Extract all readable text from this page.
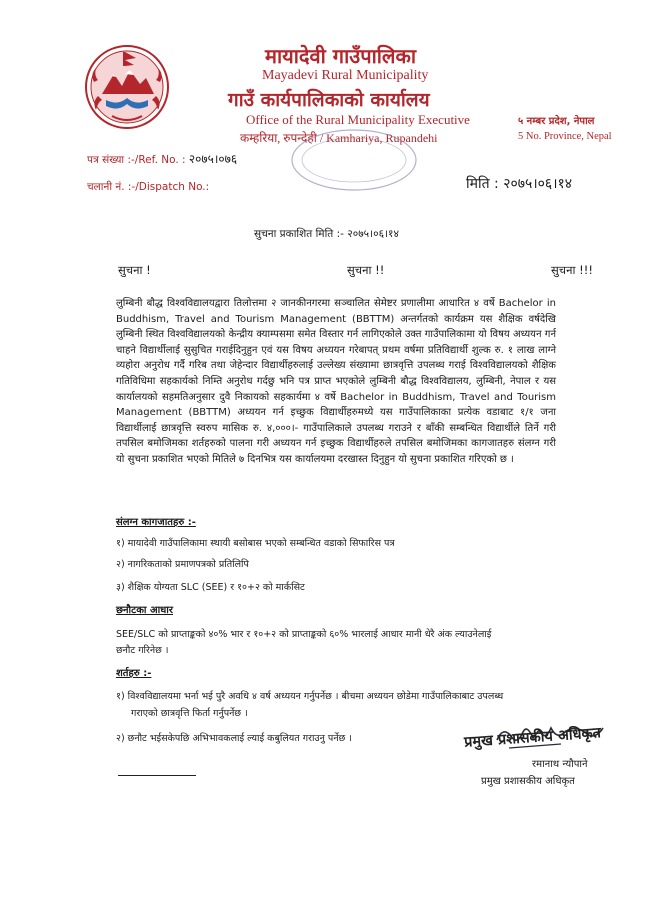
मायादेवी गाउँपालिका
Mayadevi Rural Municipality
गाउँ कार्यपालिकाको कार्यालय
Office of the Rural Municipality Executive
कम्हरिया, रुपन्देही / Kamhariya, Rupandehi
५ नम्बर प्रदेश, नेपाल
5 No. Province, Nepal
पत्र संख्या :-/Ref. No. : २०७५।०७६
चलानी नं. :-/Dispatch No.:	मिति : २०७५।०६।१४
सुचना प्रकाशित मिति :- २०७५।०६।१४
सुचना !	सुचना !!	सुचना !!!

लुम्बिनी बौद्ध विश्वविद्यालयद्वारा तिलोत्तमा २ जानकीनगरमा सञ्चालित सेमेष्टर प्रणालीमा आधारित ४ वर्षे Bachelor in Buddhism, Travel and Tourism Management (BBTTM) अन्तर्गतको कार्यक्रम यस शैक्षिक वर्षदेखि लुम्बिनी स्थित विश्वविद्यालयको केन्द्रीय क्याम्पसमा समेत विस्तार गर्न लागिएकोले उक्त गाउँपालिकामा यो विषय अध्ययन गर्न चाहने विद्यार्थीलाई सुसुचित गराईदिनुहुन एवं यस विषय अध्ययन गरेबापत् प्रथम वर्षमा प्रतिविद्यार्थी शुल्क रु. १ लाख लाग्ने व्यहोरा अनुरोध गर्दै गरिब तथा जेहेन्दार विद्यार्थीहरुलाई उल्लेख्य संख्यामा छात्रवृत्ति उपलब्ध गराई विश्वविद्यालयको शैक्षिक गतिविधिमा सहकार्यको निम्ति अनुरोध गर्दछु भनि पत्र प्राप्त भएकोले लुम्बिनी बौद्ध विश्वविद्यालय, लुम्बिनी, नेपाल र यस कार्यालयको सहमतिअनुसार दुवै निकायको सहकार्यमा ४ वर्षे Bachelor in Buddhism, Travel and Tourism Management (BBTTM) अध्ययन गर्न इच्छुक विद्यार्थीहरुमध्ये यस गाउँपालिकाका प्रत्येक वडाबाट १/१ जना विद्यार्थीलाई छात्रवृत्ति स्वरुप मासिक रु. ४,०००।- गाउँपालिकाले उपलब्ध गराउने र बाँकी सम्बन्धित विद्यार्थीले तिर्ने गरी तपसिल बमोजिमका शर्तहरुको पालना गरी अध्ययन गर्न इच्छुक विद्यार्थीहरुले तपसिल बमोजिमका कागजातहरु संलग्न गरी यो सुचना प्रकाशित भएको मितिले ७ दिनभित्र यस कार्यालयमा दरखास्त दिनुहुन यो सुचना प्रकाशित गरिएको छ ।

संलग्न कागजातहरु :-
१) मायादेवी गाउँपालिकामा स्थायी बसोबास भएको सम्बन्धित वडाको सिफारिस पत्र
२) नागरिकताको प्रमाणपत्रको प्रतिलिपि
३) शैक्षिक योग्यता SLC (SEE) र १०+२ को मार्कसिट
छनौटका आधार
SEE/SLC को प्राप्ताङ्कको ४०% भार र १०+२ को प्राप्ताङ्कको ६०% भारलाई आधार मानी धेरै अंक ल्याउनेलाई
छनौट गरिनेछ ।
शर्तहरु :-
१) विश्वविद्यालयमा भर्ना भई पुरै अवधि ४ वर्ष अध्ययन गर्नुपर्नेछ । बीचमा अध्ययन छोडेमा गाउँपालिकाबाट उपलब्ध
गराएको छात्रवृत्ति फिर्ता गर्नुपर्नेछ ।
२) छनौट भईसकेपछि अभिभावकलाई ल्याई कबुलियत गराउनु पर्नेछ ।	प्रमुख प्रशासकीय अधिकृत
रमानाथ न्यौपाने
प्रमुख प्रशासकीय अधिकृत
